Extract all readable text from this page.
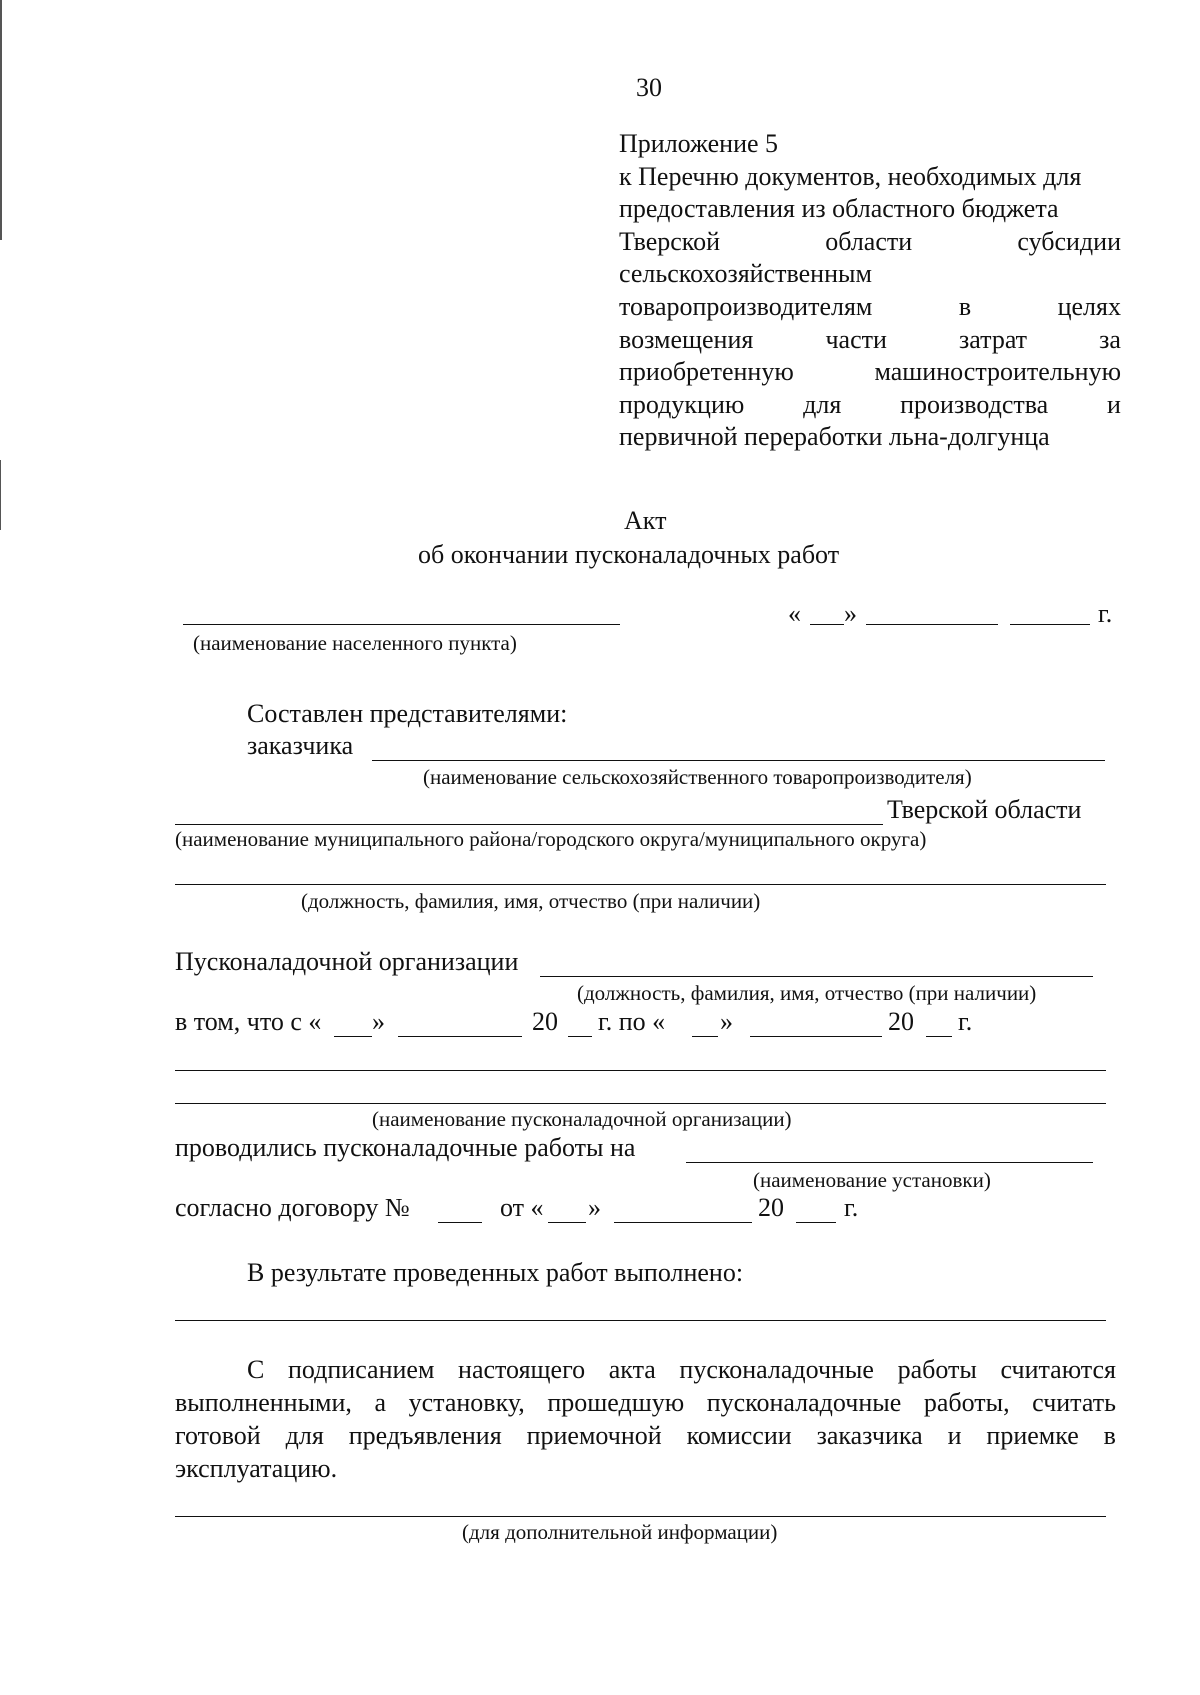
30
Приложение 5
к Перечню документов, необходимых для
предоставления из областного бюджета
Тверской	области	субсидии
сельскохозяйственным
товаропроизводителям	в	целях
возмещения	части	затрат	за
приобретенную	машиностроительную
продукцию для производства и
первичной переработки льна-долгунца
Акт
об окончании пусконаладочных работ
(наименование населенного пункта)
« »	г.
Составлен представителями:
заказчика
(наименование сельскохозяйственного товаропроизводителя)
Тверской области
(наименование муниципального района/городского округа/муниципального округа)
(должность, фамилия, имя, отчество (при наличии)
Пусконаладочной организации
(должность, фамилия, имя, отчество (при наличии)
в том, что с « »	20 г. по « »	20 г.
(наименование пусконаладочной организации)
проводились пусконаладочные работы на
(наименование установки)
согласно договору №	от « »	20 г.
В результате проведенных работ выполнено:
С подписанием настоящего акта пусконаладочные работы считаются
выполненными, а установку, прошедшую пусконаладочные работы, считать
готовой для предъявления приемочной комиссии заказчика и приемке в
эксплуатацию.
(для дополнительной информации)
